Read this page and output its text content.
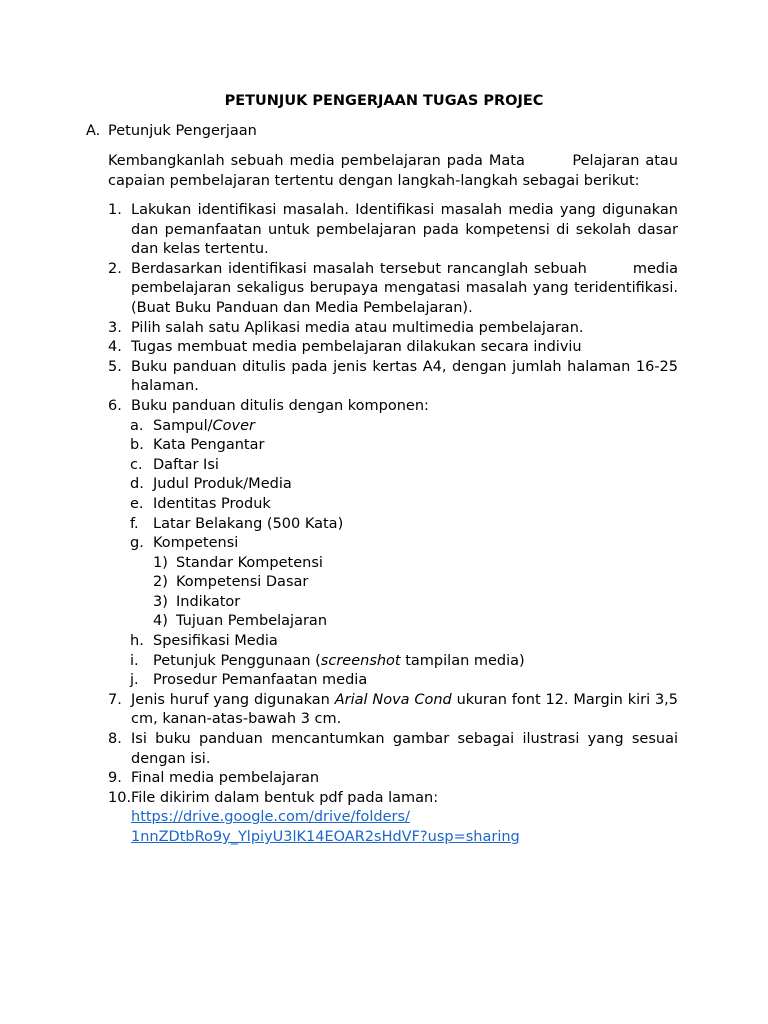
PETUNJUK PENGERJAAN TUGAS PROJEC
A. Petunjuk Pengerjaan
Kembangkanlah sebuah media pembelajaran pada Mata        Pelajaran atau capaian pembelajaran tertentu dengan langkah-langkah sebagai berikut:
1. Lakukan identifikasi masalah. Identifikasi masalah media yang digunakan dan pemanfaatan untuk pembelajaran pada kompetensi di sekolah dasar dan kelas tertentu.
2. Berdasarkan identifikasi masalah tersebut rancanglah sebuah        media pembelajaran sekaligus berupaya mengatasi masalah yang teridentifikasi. (Buat Buku Panduan dan Media Pembelajaran).
3. Pilih salah satu Aplikasi media atau multimedia pembelajaran.
4. Tugas membuat media pembelajaran dilakukan secara indiviu
5. Buku panduan ditulis pada jenis kertas A4, dengan jumlah halaman 16-25 halaman.
6. Buku panduan ditulis dengan komponen:
a. Sampul/Cover
b. Kata Pengantar
c. Daftar Isi
d. Judul Produk/Media
e. Identitas Produk
f. Latar Belakang (500 Kata)
g. Kompetensi
1) Standar Kompetensi
2) Kompetensi Dasar
3) Indikator
4) Tujuan Pembelajaran
h. Spesifikasi Media
i. Petunjuk Penggunaan (screenshot tampilan media)
j. Prosedur Pemanfaatan media
7. Jenis huruf yang digunakan Arial Nova Cond ukuran font 12. Margin kiri 3,5 cm, kanan-atas-bawah 3 cm.
8. Isi buku panduan mencantumkan gambar sebagai ilustrasi yang sesuai dengan isi.
9. Final media pembelajaran
10. File dikirim dalam bentuk pdf pada laman:
https://drive.google.com/drive/folders/
1nnZDtbRo9y_YlpiyU3lK14EOAR2sHdVF?usp=sharing
